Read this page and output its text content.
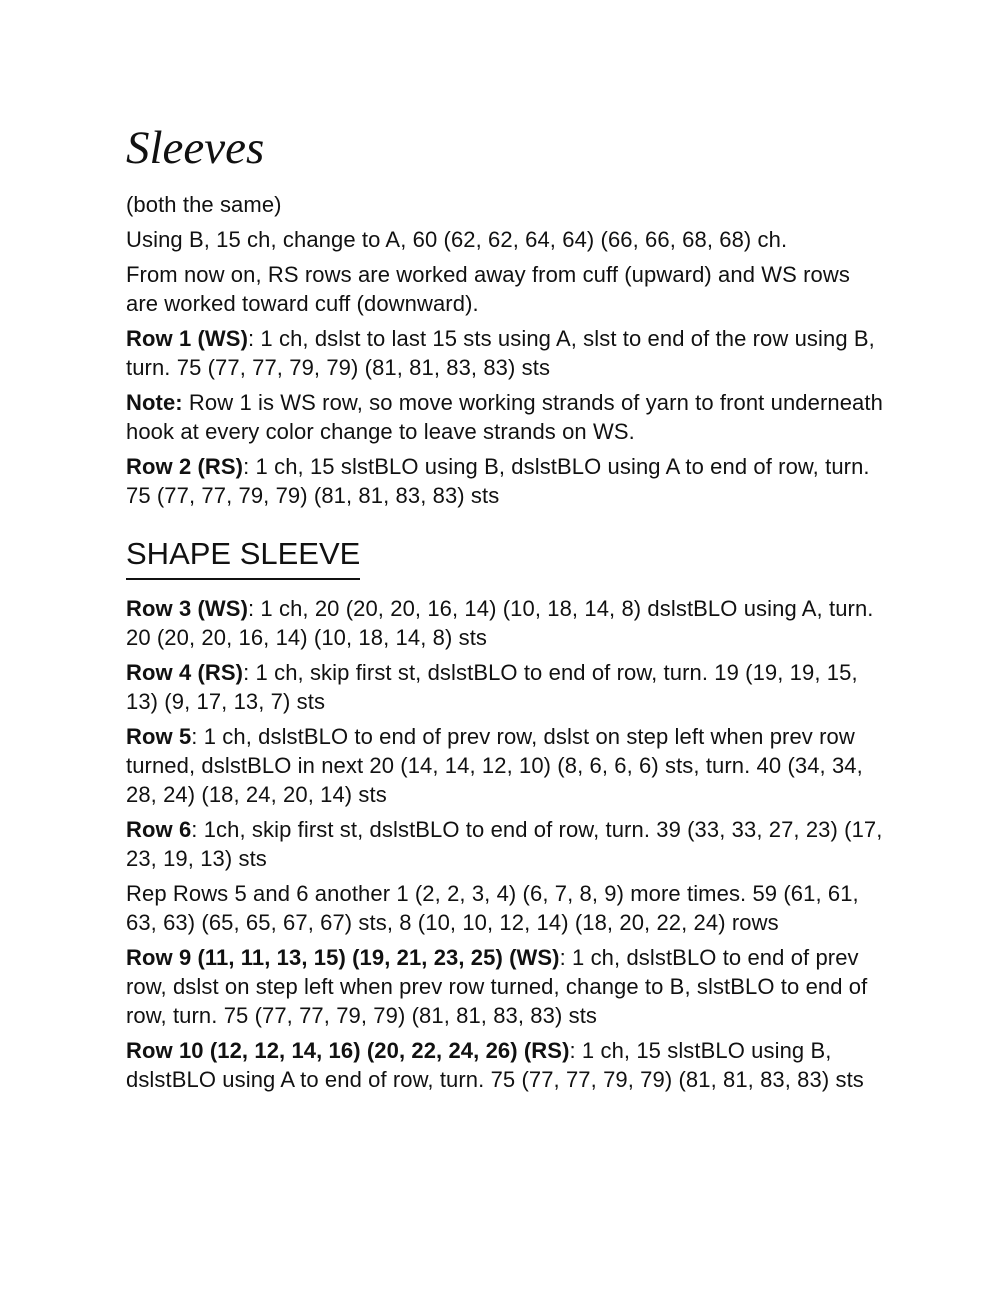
Sleeves

(both the same)

Using B, 15 ch, change to A, 60 (62, 62, 64, 64) (66, 66, 68, 68) ch.

From now on, RS rows are worked away from cuff (upward) and WS rows are worked toward cuff (downward).

Row 1 (WS): 1 ch, dslst to last 15 sts using A, slst to end of the row using B, turn. 75 (77, 77, 79, 79) (81, 81, 83, 83) sts

Note: Row 1 is WS row, so move working strands of yarn to front underneath hook at every color change to leave strands on WS.

Row 2 (RS): 1 ch, 15 slstBLO using B, dslstBLO using A to end of row, turn. 75 (77, 77, 79, 79) (81, 81, 83, 83) sts

SHAPE SLEEVE

Row 3 (WS): 1 ch, 20 (20, 20, 16, 14) (10, 18, 14, 8) dslstBLO using A, turn. 20 (20, 20, 16, 14) (10, 18, 14, 8) sts

Row 4 (RS): 1 ch, skip first st, dslstBLO to end of row, turn. 19 (19, 19, 15, 13) (9, 17, 13, 7) sts

Row 5: 1 ch, dslstBLO to end of prev row, dslst on step left when prev row turned, dslstBLO in next 20 (14, 14, 12, 10) (8, 6, 6, 6) sts, turn. 40 (34, 34, 28, 24) (18, 24, 20, 14) sts

Row 6: 1ch, skip first st, dslstBLO to end of row, turn. 39 (33, 33, 27, 23) (17, 23, 19, 13) sts

Rep Rows 5 and 6 another 1 (2, 2, 3, 4) (6, 7, 8, 9) more times. 59 (61, 61, 63, 63) (65, 65, 67, 67) sts, 8 (10, 10, 12, 14) (18, 20, 22, 24) rows

Row 9 (11, 11, 13, 15) (19, 21, 23, 25) (WS): 1 ch, dslstBLO to end of prev row, dslst on step left when prev row turned, change to B, slstBLO to end of row, turn. 75 (77, 77, 79, 79) (81, 81, 83, 83) sts

Row 10 (12, 12, 14, 16) (20, 22, 24, 26) (RS): 1 ch, 15 slstBLO using B, dslstBLO using A to end of row, turn. 75 (77, 77, 79, 79) (81, 81, 83, 83) sts
